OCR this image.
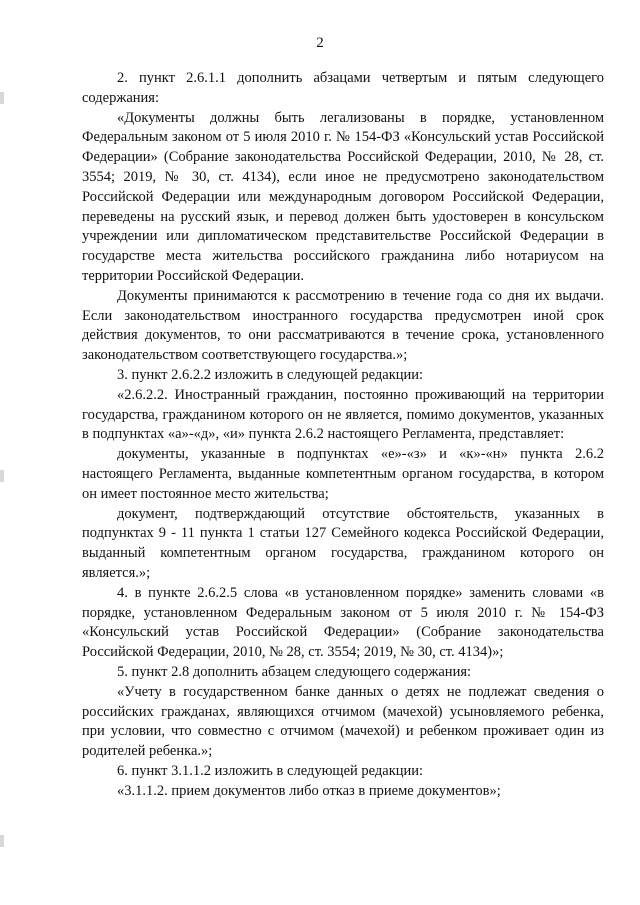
2

2. пункт 2.6.1.1 дополнить абзацами четвертым и пятым следующего содержания:

«Документы должны быть легализованы в порядке, установленном Федеральным законом от 5 июля 2010 г. № 154-ФЗ «Консульский устав Российской Федерации» (Собрание законодательства Российской Федерации, 2010, № 28, ст. 3554; 2019, № 30, ст. 4134), если иное не предусмотрено законодательством Российской Федерации или международным договором Российской Федерации, переведены на русский язык, и перевод должен быть удостоверен в консульском учреждении или дипломатическом представительстве Российской Федерации в государстве места жительства российского гражданина либо нотариусом на территории Российской Федерации.

Документы принимаются к рассмотрению в течение года со дня их выдачи. Если законодательством иностранного государства предусмотрен иной срок действия документов, то они рассматриваются в течение срока, установленного законодательством соответствующего государства.»;

3. пункт 2.6.2.2 изложить в следующей редакции:

«2.6.2.2. Иностранный гражданин, постоянно проживающий на территории государства, гражданином которого он не является, помимо документов, указанных в подпунктах «а»-«д», «и» пункта 2.6.2 настоящего Регламента, представляет:

документы, указанные в подпунктах «е»-«з» и «к»-«н» пункта 2.6.2 настоящего Регламента, выданные компетентным органом государства, в котором он имеет постоянное место жительства;

документ, подтверждающий отсутствие обстоятельств, указанных в подпунктах 9 - 11 пункта 1 статьи 127 Семейного кодекса Российской Федерации, выданный компетентным органом государства, гражданином которого он является.»;

4. в пункте 2.6.2.5 слова «в установленном порядке» заменить словами «в порядке, установленном Федеральным законом от 5 июля 2010 г. № 154-ФЗ «Консульский устав Российской Федерации» (Собрание законодательства Российской Федерации, 2010, № 28, ст. 3554; 2019, № 30, ст. 4134)»;

5. пункт 2.8 дополнить абзацем следующего содержания:

«Учету в государственном банке данных о детях не подлежат сведения о российских гражданах, являющихся отчимом (мачехой) усыновляемого ребенка, при условии, что совместно с отчимом (мачехой) и ребенком проживает один из родителей ребенка.»;

6. пункт 3.1.1.2 изложить в следующей редакции:

«3.1.1.2. прием документов либо отказ в приеме документов»;
